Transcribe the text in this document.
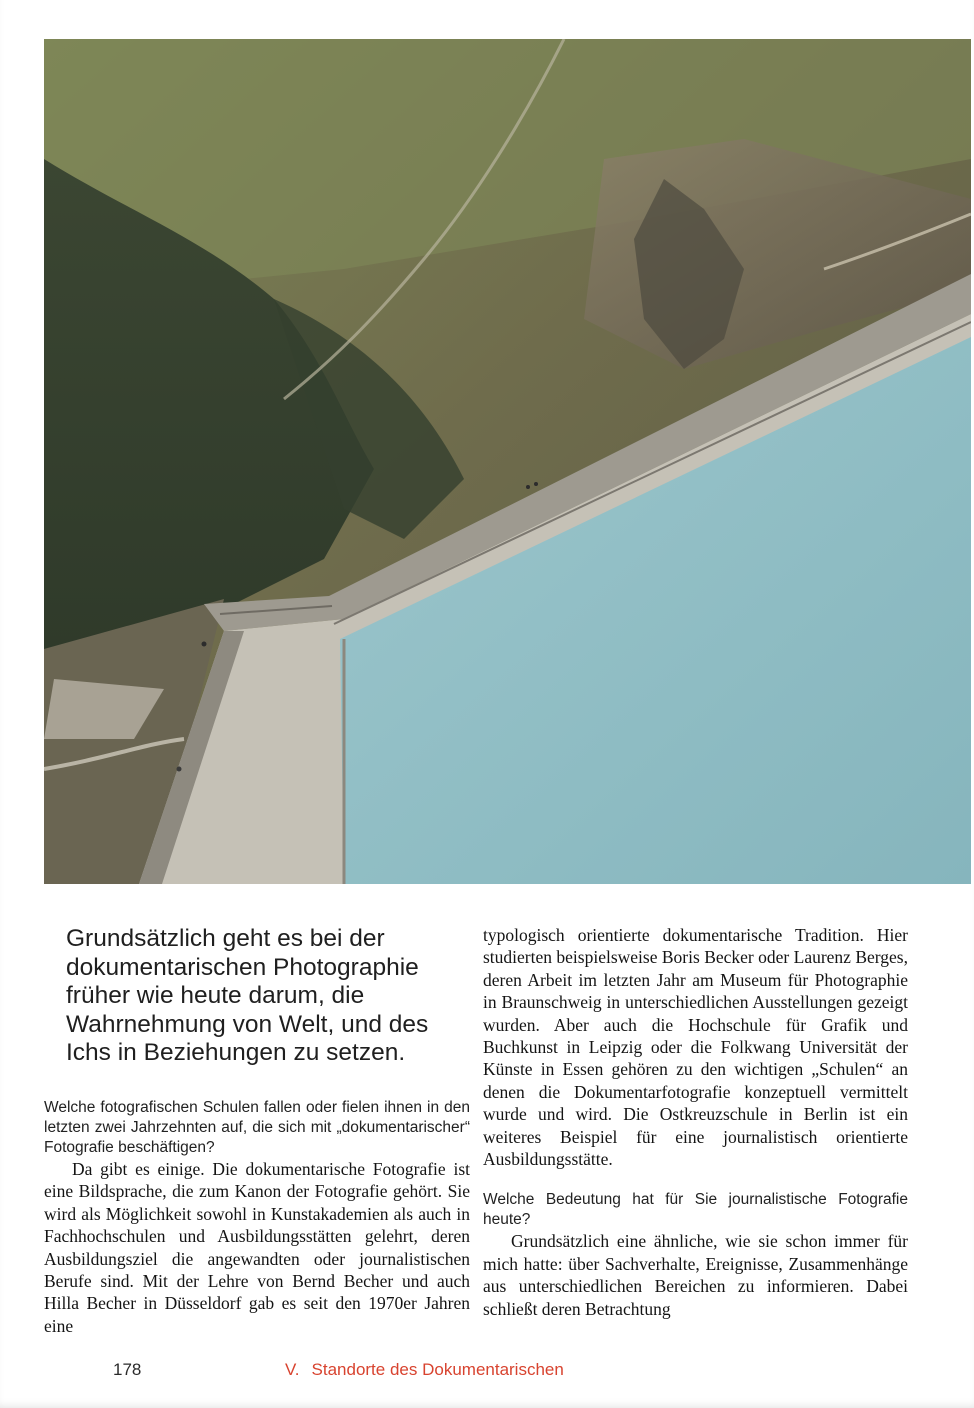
Grundsätzlich geht es bei der dokumentarischen Photographie früher wie heute darum, die Wahrnehmung von Welt, und des Ichs in Beziehungen zu setzen.

Welche fotografischen Schulen fallen oder fielen ihnen in den letzten zwei Jahrzehnten auf, die sich mit „dokumentarischer“ Fotografie beschäftigen?

Da gibt es einige. Die dokumentarische Fotografie ist eine Bildsprache, die zum Kanon der Fotografie gehört. Sie wird als Möglichkeit sowohl in Kunstakademien als auch in Fachhochschulen und Ausbildungsstätten gelehrt, deren Ausbildungsziel die angewandten oder journalistischen Berufe sind. Mit der Lehre von Bernd Becher und auch Hilla Becher in Düsseldorf gab es seit den 1970er Jahren eine

typologisch orientierte dokumentarische Tradition. Hier studierten beispielsweise Boris Becker oder Laurenz Berges, deren Arbeit im letzten Jahr am Museum für Photographie in Braunschweig in unterschiedlichen Ausstellungen gezeigt wurden. Aber auch die Hochschule für Grafik und Buchkunst in Leipzig oder die Folkwang Universität der Künste in Essen gehören zu den wichtigen „Schulen“ an denen die Dokumentarfotografie konzeptuell vermittelt wurde und wird. Die Ostkreuzschule in Berlin ist ein weiteres Beispiel für eine journalistisch orientierte Ausbildungsstätte.

Welche Bedeutung hat für Sie journalistische Fotografie heute?

Grundsätzlich eine ähnliche, wie sie schon immer für mich hatte: über Sachverhalte, Ereignisse, Zusammenhänge aus unterschiedlichen Bereichen zu informieren. Dabei schließt deren Betrachtung

178	V. Standorte des Dokumentarischen
